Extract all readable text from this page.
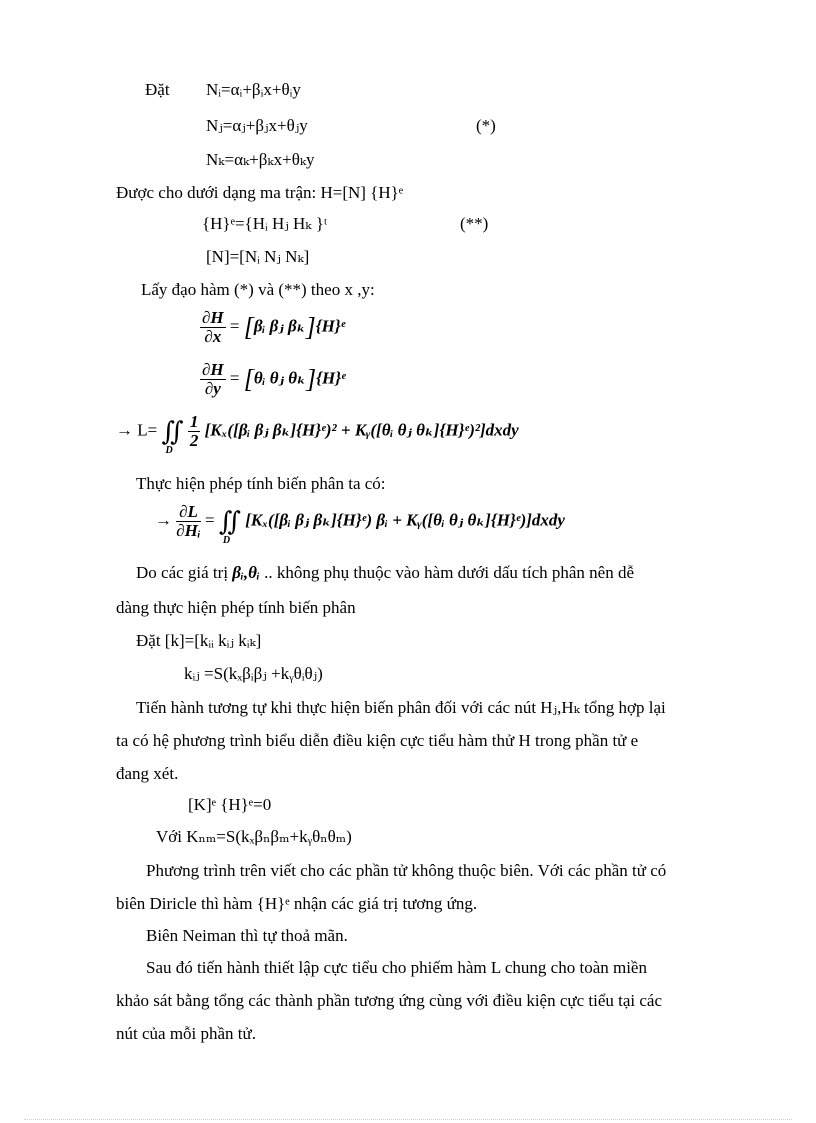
Đặt Nᵢ=αᵢ+βᵢx+θᵢy
Nⱼ=αⱼ+βⱼx+θⱼy	(*)
Nₖ=αₖ+βₖx+θₖy
Được cho dưới dạng ma trận: H=[N] {H}ᵉ
{H}ᵉ={Hᵢ Hⱼ Hₖ }ᵗ	(**)
[N]=[Nᵢ Nⱼ Nₖ]
Lấy đạo hàm (*) và (**) theo x ,y:
$\frac{\partial H}{\partial x}$ = [βᵢ βⱼ βₖ]{H}ᵉ
$\frac{\partial H}{\partial y}$ = [θᵢ θⱼ θₖ]{H}ᵉ
→ L= ∬
D
$\frac{1}{2}$ [Kₓ([βᵢ βⱼ βₖ]{H}ᵉ)² + Kᵧ([θᵢ θⱼ θₖ]{H}ᵉ)²]dxdy
Thực hiện phép tính biến phân ta có:
→ $\frac{\partial L}{\text{∂Hᵢ}}$ = ∬
D
[Kₓ([βᵢ βⱼ βₖ]{H}ᵉ) βᵢ + Kᵧ([θᵢ θⱼ θₖ]{H}ᵉ)]dxdy
Do các giá trị βᵢ,θᵢ .. không phụ thuộc vào hàm dưới dấu tích phân nên dễ
dàng thực hiện phép tính biến phân
Đặt [k]=[kᵢᵢ kᵢⱼ kᵢₖ]
kᵢⱼ =S(kₓβᵢβⱼ +kᵧθᵢθⱼ)
Tiến hành tương tự khi thực hiện biến phân đối với các nút Hⱼ,Hₖ tổng hợp lại
ta có hệ phương trình biểu diễn điều kiện cực tiểu hàm thử H trong phần tử e
đang xét.
[K]ᵉ {H}ᵉ=0
Với Kₙₘ=S(kₓβₙβₘ+kᵧθₙθₘ)
Phương trình trên viết cho các phần tử không thuộc biên. Với các phần tử có
biên Diricle thì hàm {H}ᵉ nhận các giá trị tương ứng.
Biên Neiman thì tự thoả mãn.
Sau đó tiến hành thiết lập cực tiểu cho phiếm hàm L chung cho toàn miền
khảo sát bằng tổng các thành phần tương ứng cùng với điều kiện cực tiểu tại các
nút của mỗi phần tử.
